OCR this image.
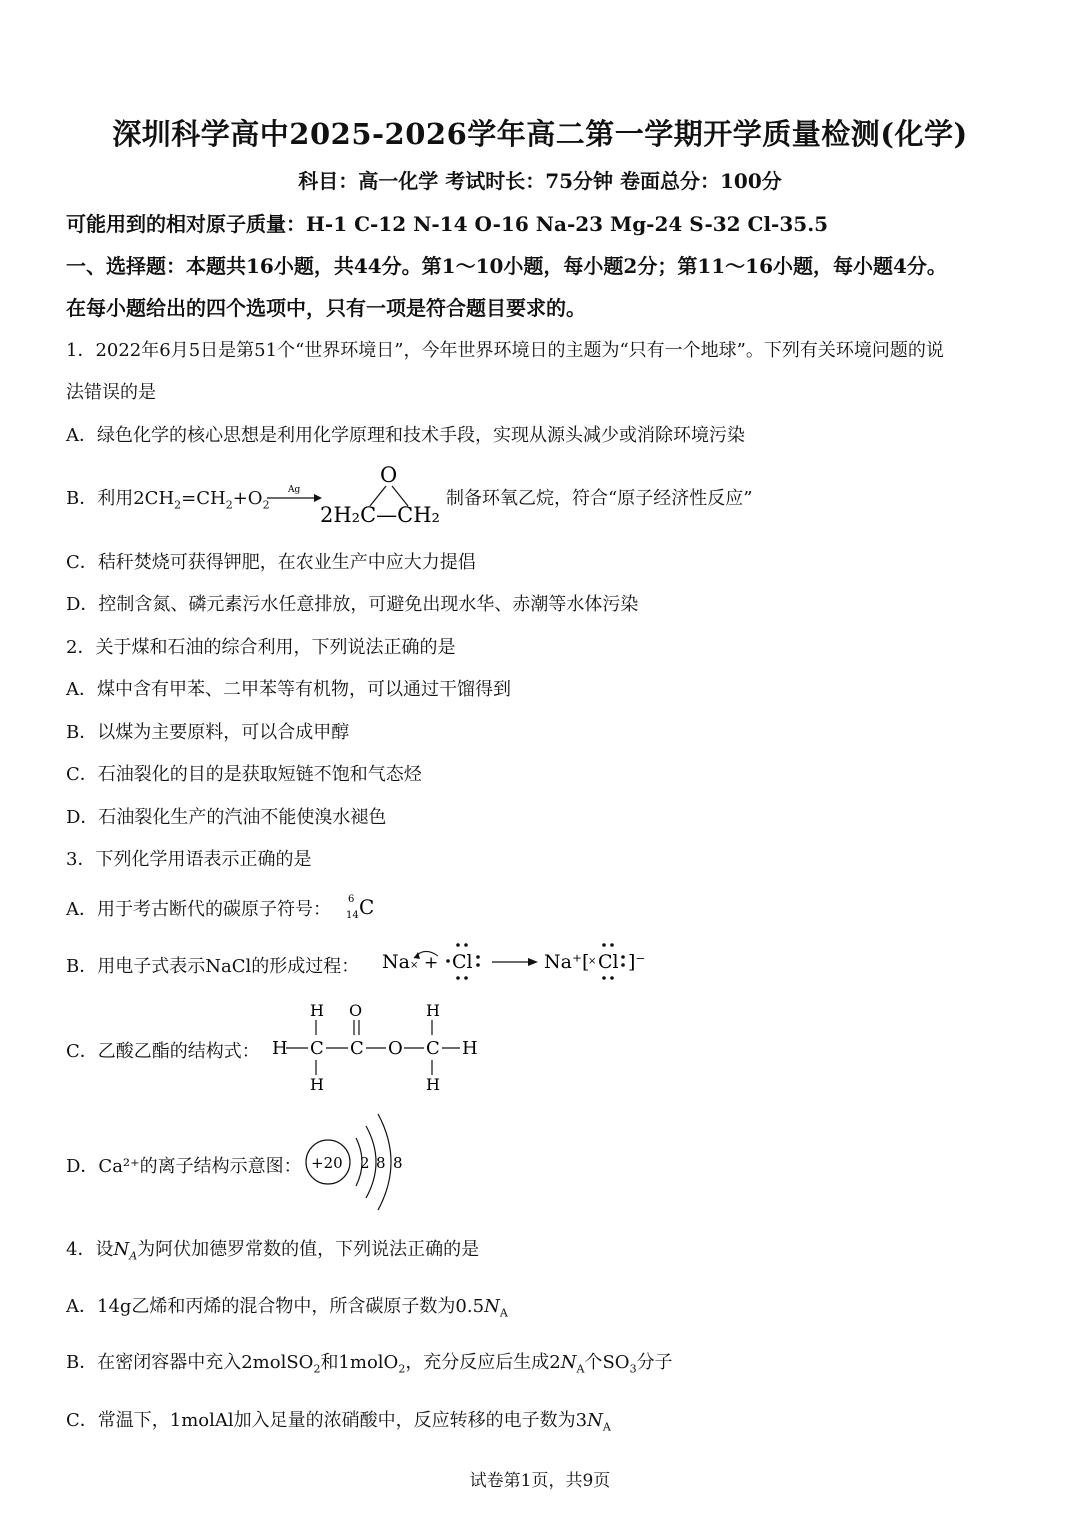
深圳科学高中2025-2026学年高二第一学期开学质量检测(化学)
科目：高一化学 考试时长：75分钟 卷面总分：100分
可能用到的相对原子质量：H-1 C-12 N-14 O-16 Na-23 Mg-24 S-32 Cl-35.5
一、选择题：本题共16小题，共44分。第1～10小题，每小题2分；第11～16小题，每小题4分。
在每小题给出的四个选项中，只有一项是符合题目要求的。
1．2022年6月5日是第51个“世界环境日”，今年世界环境日的主题为“只有一个地球”。下列有关环境问题的说
法错误的是
A．绿色化学的核心思想是利用化学原理和技术手段，实现从源头减少或消除环境污染
B．利用$2CH_2=CH_2+O_2$
Ag
O
2H₂C—CH₂
制备环氧乙烷，符合“原子经济性反应”
C．秸秆焚烧可获得钾肥，在农业生产中应大力提倡
D．控制含氮、磷元素污水任意排放，可避免出现水华、赤潮等水体污染
2．关于煤和石油的综合利用，下列说法正确的是
A．煤中含有甲苯、二甲苯等有机物，可以通过干馏得到
B．以煤为主要原料，可以合成甲醇
C．石油裂化的目的是获取短链不饱和气态烃
D．石油裂化生产的汽油不能使溴水褪色
3．下列化学用语表示正确的是
A．用于考古断代的碳原子符号： 6
14 C
B．用电子式表示NaCl的形成过程： Na × + Cl	Na⁺[
× Cl ]⁻
C．乙酸乙酯的结构式： H C C O C H
H
H
H
H
O
D．Ca²⁺的离子结构示意图： +20 2 8 8
4．设$N_A$为阿伏加德罗常数的值，下列说法正确的是
A．14g乙烯和丙烯的混合物中，所含碳原子数为$0.5N_A$
B．在密闭容器中充入2molSO$_2$和1molO$_2$，充分反应后生成$2N_A$个$SO_3$分子
C．常温下，1molAl加入足量的浓硝酸中，反应转移的电子数为$3N_A$
试卷第1页，共9页
